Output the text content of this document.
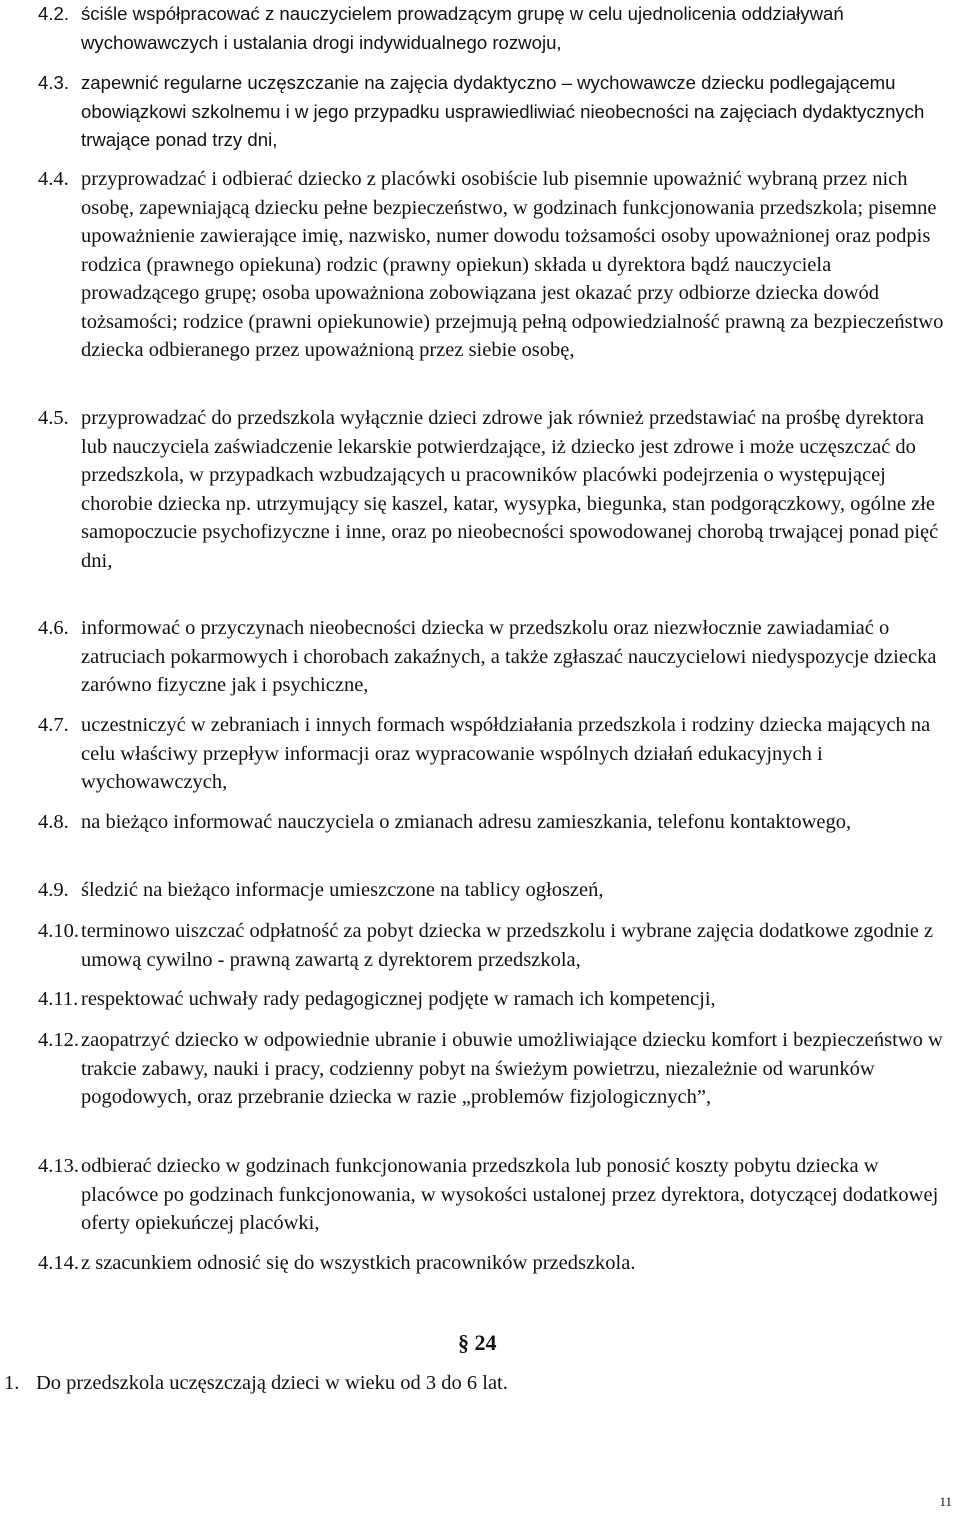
4.2. ściśle współpracować z nauczycielem prowadzącym grupę w celu ujednolicenia oddziaływań wychowawczych i ustalania drogi indywidualnego rozwoju,
4.3. zapewnić regularne uczęszczanie na zajęcia dydaktyczno – wychowawcze dziecku podlegającemu obowiązkowi szkolnemu i w jego przypadku usprawiedliwiać nieobecności na zajęciach dydaktycznych trwające ponad trzy dni,
4.4. przyprowadzać i odbierać dziecko z placówki osobiście lub pisemnie upoważnić wybraną przez nich osobę, zapewniającą dziecku pełne bezpieczeństwo, w godzinach funkcjonowania przedszkola; pisemne upoważnienie zawierające imię, nazwisko, numer dowodu tożsamości osoby upoważnionej oraz podpis rodzica (prawnego opiekuna) rodzic (prawny opiekun) składa u dyrektora bądź nauczyciela prowadzącego grupę; osoba upoważniona zobowiązana jest okazać przy odbiorze dziecka dowód tożsamości; rodzice (prawni opiekunowie) przejmują pełną odpowiedzialność prawną za bezpieczeństwo dziecka odbieranego przez upoważnioną przez siebie osobę,
4.5. przyprowadzać do przedszkola wyłącznie dzieci zdrowe jak również przedstawiać na prośbę dyrektora lub nauczyciela zaświadczenie lekarskie potwierdzające, iż dziecko jest zdrowe i może uczęszczać do przedszkola, w przypadkach wzbudzających u pracowników placówki podejrzenia o występującej chorobie dziecka np. utrzymujący się kaszel, katar, wysypka, biegunka, stan podgorączkowy, ogólne złe samopoczucie psychofizyczne i inne, oraz po nieobecności spowodowanej chorobą trwającej ponad pięć dni,
4.6. informować o przyczynach nieobecności dziecka w przedszkolu oraz niezwłocznie zawiadamiać o zatruciach pokarmowych i chorobach zakaźnych, a także zgłaszać nauczycielowi niedyspozycje dziecka zarówno fizyczne jak i psychiczne,
4.7. uczestniczyć w zebraniach i innych formach współdziałania przedszkola i rodziny dziecka mających na celu właściwy przepływ informacji oraz wypracowanie wspólnych działań edukacyjnych i wychowawczych,
4.8. na bieżąco informować nauczyciela o zmianach adresu zamieszkania, telefonu kontaktowego,
4.9. śledzić na bieżąco informacje umieszczone na tablicy ogłoszeń,
4.10. terminowo uiszczać odpłatność za pobyt dziecka w przedszkolu i wybrane zajęcia dodatkowe zgodnie z umową cywilno - prawną zawartą z dyrektorem przedszkola,
4.11. respektować uchwały rady pedagogicznej podjęte w ramach ich kompetencji,
4.12. zaopatrzyć dziecko w odpowiednie ubranie i obuwie umożliwiające dziecku komfort i bezpieczeństwo w trakcie zabawy, nauki i pracy, codzienny pobyt na świeżym powietrzu, niezależnie od warunków pogodowych, oraz przebranie dziecka w razie „problemów fizjologicznych”,
4.13. odbierać dziecko w godzinach funkcjonowania przedszkola lub ponosić koszty pobytu dziecka w placówce po godzinach funkcjonowania, w wysokości ustalonej przez dyrektora, dotyczącej dodatkowej oferty opiekuńczej placówki,
4.14. z szacunkiem odnosić się do wszystkich pracowników przedszkola.
§ 24
1. Do przedszkola uczęszczają dzieci w wieku od 3 do 6 lat.
11
